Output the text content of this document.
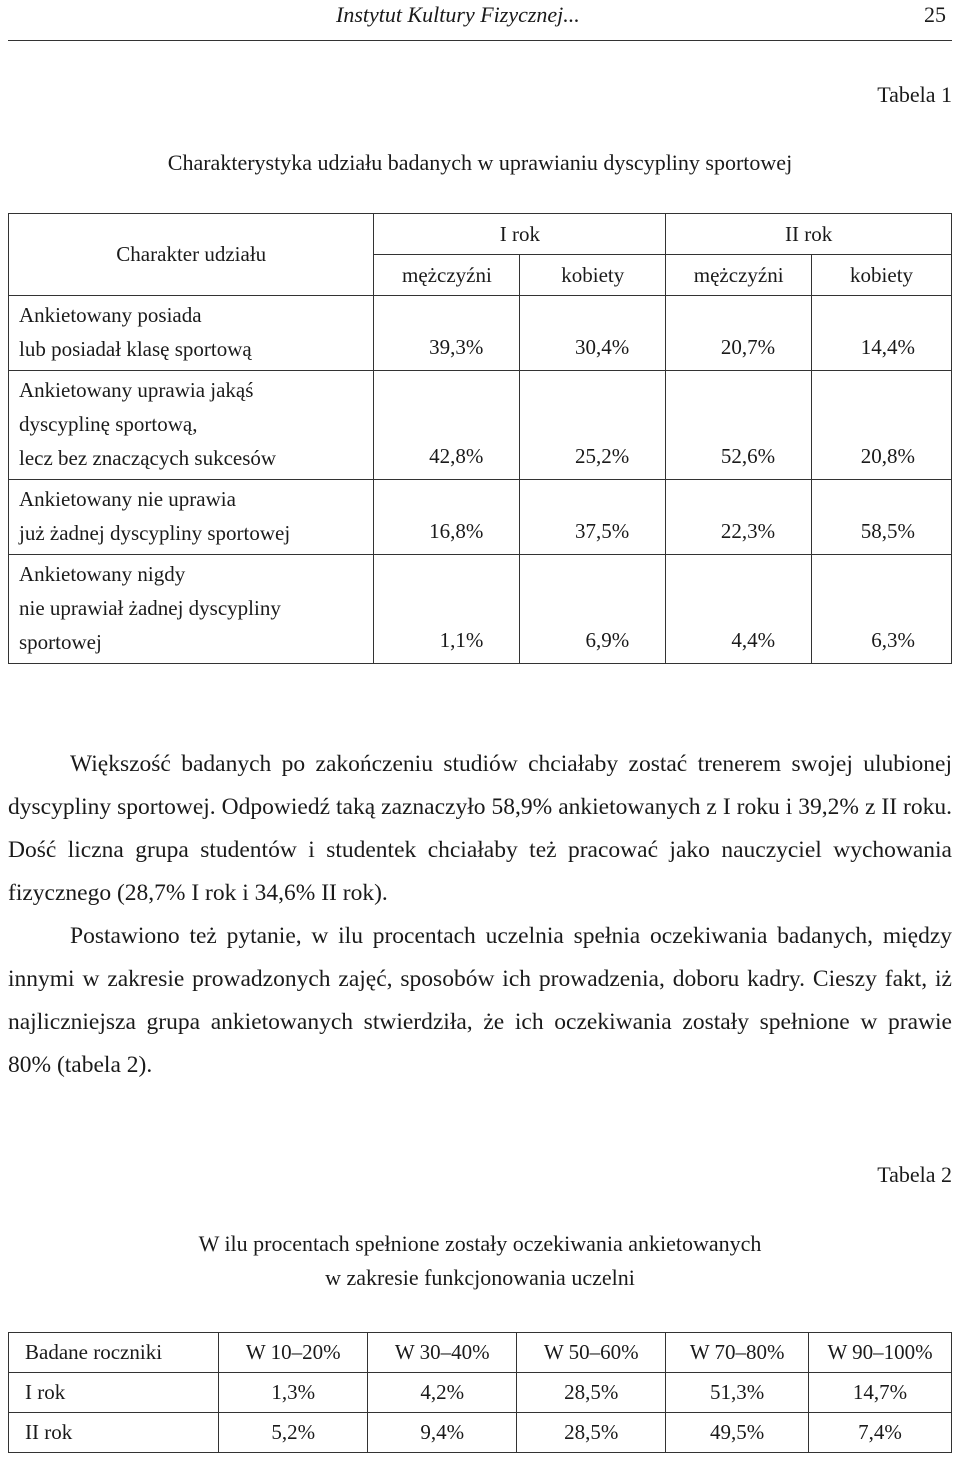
Instytut Kultury Fizycznej...	25
Tabela 1
Charakterystyka udziału badanych w uprawianiu dyscypliny sportowej
Charakter udziału	I rok		II rok	
	mężczyźni	kobiety	mężczyźni	kobiety

Ankietowany posiada
lub posiadał klasę sportową	39,3%	30,4%	20,7%	14,4%

Ankietowany uprawia jakąś
dyscyplinę sportową,
lecz bez znaczących sukcesów	42,8%	25,2%	52,6%	20,8%

Ankietowany nie uprawia
już żadnej dyscypliny sportowej	16,8%	37,5%	22,3%	58,5%

Ankietowany nigdy
nie uprawiał żadnej dyscypliny
sportowej	1,1%	6,9%	4,4%	6,3%

Większość badanych po zakończeniu studiów chciałaby zostać trenerem swojej ulubionej dyscypliny sportowej. Odpowiedź taką zaznaczyło 58,9% ankietowanych z I roku i 39,2% z II roku. Dość liczna grupa studentów i studentek chciałaby też pracować jako nauczyciel wychowania fizycznego (28,7% I rok i 34,6% II rok).

Postawiono też pytanie, w ilu procentach uczelnia spełnia oczekiwania badanych, między innymi w zakresie prowadzonych zajęć, sposobów ich prowadzenia, doboru kadry. Cieszy fakt, iż najliczniejsza grupa ankietowanych stwierdziła, że ich oczekiwania zostały spełnione w prawie 80% (tabela 2).

Tabela 2
W ilu procentach spełnione zostały oczekiwania ankietowanych
w zakresie funkcjonowania uczelni
Badane roczniki	W 10–20%	W 30–40%	W 50–60%	W 70–80%	W 90–100%
I rok	1,3%	4,2%	28,5%	51,3%	14,7%
II rok	5,2%	9,4%	28,5%	49,5%	7,4%
